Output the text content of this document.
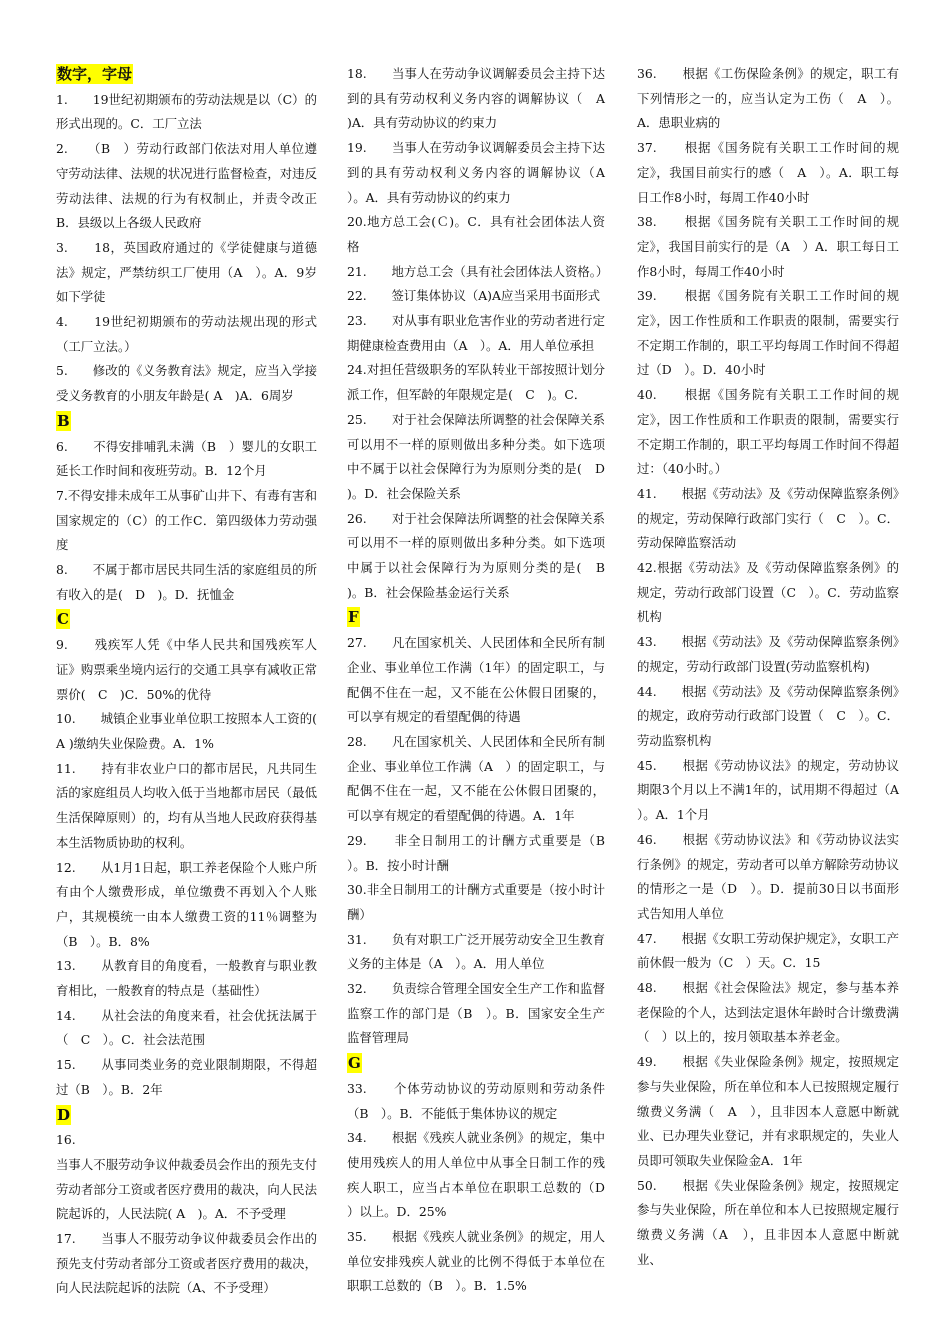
数字，字母
1.　　19世纪初期颁布的劳动法规是以（C）的形式出现的。C．工厂立法
2.　　（B　）劳动行政部门依法对用人单位遵守劳动法律、法规的状况进行监督检查，对违反劳动法律、法规的行为有权制止，并责令改正B．县级以上各级人民政府
3.　　18，英国政府通过的《学徒健康与道德法》规定，严禁纺织工厂使用（A　）。A．9岁如下学徒
4.　　19世纪初期颁布的劳动法规出现的形式（工厂立法。）
5.　　修改的《义务教育法》规定，应当入学接受义务教育的小朋友年龄是( A　)A．6周岁
B
6.　　不得安排哺乳未满（B　）婴儿的女职工延长工作时间和夜班劳动。B．12个月
7.不得安排未成年工从事矿山井下、有毒有害和国家规定的（C）的工作C．第四级体力劳动强度
8.　　不属于都市居民共同生活的家庭组员的所有收入的是(　D　)。D．抚恤金
C
9.　　残疾军人凭《中华人民共和国残疾军人证》购票乘坐境内运行的交通工具享有减收正常票价(　C　)C．50%的优待
10.　　城镇企业事业单位职工按照本人工资的( A )缴纳失业保险费。A．1%
11.　　持有非农业户口的都市居民，凡共同生活的家庭组员人均收入低于当地都市居民（最低生活保障原则）的，均有从当地人民政府获得基本生活物质协助的权利。
12.　　从1月1日起，职工养老保险个人账户所有由个人缴费形成，单位缴费不再划入个人账户，其规模统一由本人缴费工资的11％调整为（B　）。B．8%
13.　　从教育目的角度看，一般教育与职业教育相比，一般教育的特点是（基础性）
14.　　从社会法的角度来看，社会优抚法属于（　C　）。C．社会法范围
15.　　从事同类业务的竞业限制期限，不得超过（B　）。B．2年
D
16.
当事人不服劳动争议仲裁委员会作出的预先支付劳动者部分工资或者医疗费用的裁决，向人民法院起诉的，人民法院( A　)。A．不予受理
17.　　当事人不服劳动争议仲裁委员会作出的预先支付劳动者部分工资或者医疗费用的裁决，向人民法院起诉的法院（A、不予受理）
18.　　当事人在劳动争议调解委员会主持下达到的具有劳动权利义务内容的调解协议（　A　)A．具有劳动协议的约束力
19.　　当事人在劳动争议调解委员会主持下达到的具有劳动权利义务内容的调解协议（A　）。A．具有劳动协议的约束力
20.地方总工会(Ｃ)。C．具有社会团体法人资格
21.　　地方总工会（具有社会团体法人资格。）
22.　　签订集体协议（A)A应当采用书面形式
23.　　对从事有职业危害作业的劳动者进行定期健康检查费用由（A　）。A．用人单位承担
24.对担任营级职务的军队转业干部按照计划分派工作，但军龄的年限规定是(　C　)。C．
25.　　对于社会保障法所调整的社会保障关系可以用不一样的原则做出多种分类。如下选项中不属于以社会保障行为为原则分类的是(　D　)。D．社会保险关系
26.　　对于社会保障法所调整的社会保障关系可以用不一样的原则做出多种分类。如下选项中属于以社会保障行为为原则分类的是(　B　)。B．社会保险基金运行关系
F
27.　　凡在国家机关、人民团体和全民所有制企业、事业单位工作满（1年）的固定职工，与配偶不住在一起，又不能在公休假日团聚的，可以享有规定的看望配偶的待遇
28.　　凡在国家机关、人民团体和全民所有制企业、事业单位工作满（A　）的固定职工，与配偶不住在一起，又不能在公休假日团聚的，可以享有规定的看望配偶的待遇。A．1年
29.　　非全日制用工的计酬方式重要是（B　）。B．按小时计酬
30.非全日制用工的计酬方式重要是（按小时计酬）
31.　　负有对职工广泛开展劳动安全卫生教育义务的主体是（A　）。A．用人单位
32.　　负责综合管理全国安全生产工作和监督监察工作的部门是（B　）。B．国家安全生产监督管理局
G
33.　　个体劳动协议的劳动原则和劳动条件（B　）。B．不能低于集体协议的规定
34.　　根据《残疾人就业条例》的规定，集中使用残疾人的用人单位中从事全日制工作的残疾人职工，应当占本单位在职职工总数的（D　）以上。D．25%
35.　　根据《残疾人就业条例》的规定，用人单位安排残疾人就业的比例不得低于本单位在职职工总数的（B　）。B．1.5%
36.　　根据《工伤保险条例》的规定，职工有下列情形之一的，应当认定为工伤（　A　）。A．患职业病的
37.　　根据《国务院有关职工工作时间的规定》，我国目前实行的感（　A　）。A．职工每日工作8小时，每周工作40小时
38.　　根据《国务院有关职工工作时间的规定》，我国目前实行的是（A　）A．职工每日工作8小时，每周工作40小时
39.　　根据《国务院有关职工工作时间的规定》，因工作性质和工作职责的限制，需要实行不定期工作制的，职工平均每周工作时间不得超过（D　）。D．40小时
40.　　根据《国务院有关职工工作时间的规定》，因工作性质和工作职责的限制，需要实行不定期工作制的，职工平均每周工作时间不得超过：（40小时。）
41.　　根据《劳动法》及《劳动保障监察条例》的规定，劳动保障行政部门实行（　C　）。C．劳动保障监察活动
42.根据《劳动法》及《劳动保障监察条例》的规定，劳动行政部门设置（C　）。C．劳动监察机构
43.　　根据《劳动法》及《劳动保障监察条例》的规定，劳动行政部门设置(劳动监察机构)
44.　　根据《劳动法》及《劳动保障监察条例》的规定，政府劳动行政部门设置（　C　）。C．劳动监察机构
45.　　根据《劳动协议法》的规定，劳动协议期限3个月以上不满1年的，试用期不得超过（A　）。A．1个月
46.　　根据《劳动协议法》和《劳动协议法实行条例》的规定，劳动者可以单方解除劳动协议的情形之一是（D　）。D．提前30日以书面形式告知用人单位
47.　　根据《女职工劳动保护规定》，女职工产前休假一般为（C　）天。C．15
48.　　根据《社会保险法》规定，参与基本养老保险的个人，达到法定退休年龄时合计缴费满（　）以上的，按月领取基本养老金。
49.　　根据《失业保险条例》规定，按照规定参与失业保险，所在单位和本人已按照规定履行缴费义务满（　A　），且非因本人意愿中断就业、已办理失业登记，并有求职规定的，失业人员即可领取失业保险金A．1年
50.　　根据《失业保险条例》规定，按照规定参与失业保险，所在单位和本人已按照规定履行缴费义务满（A　），且非因本人意愿中断就业、
